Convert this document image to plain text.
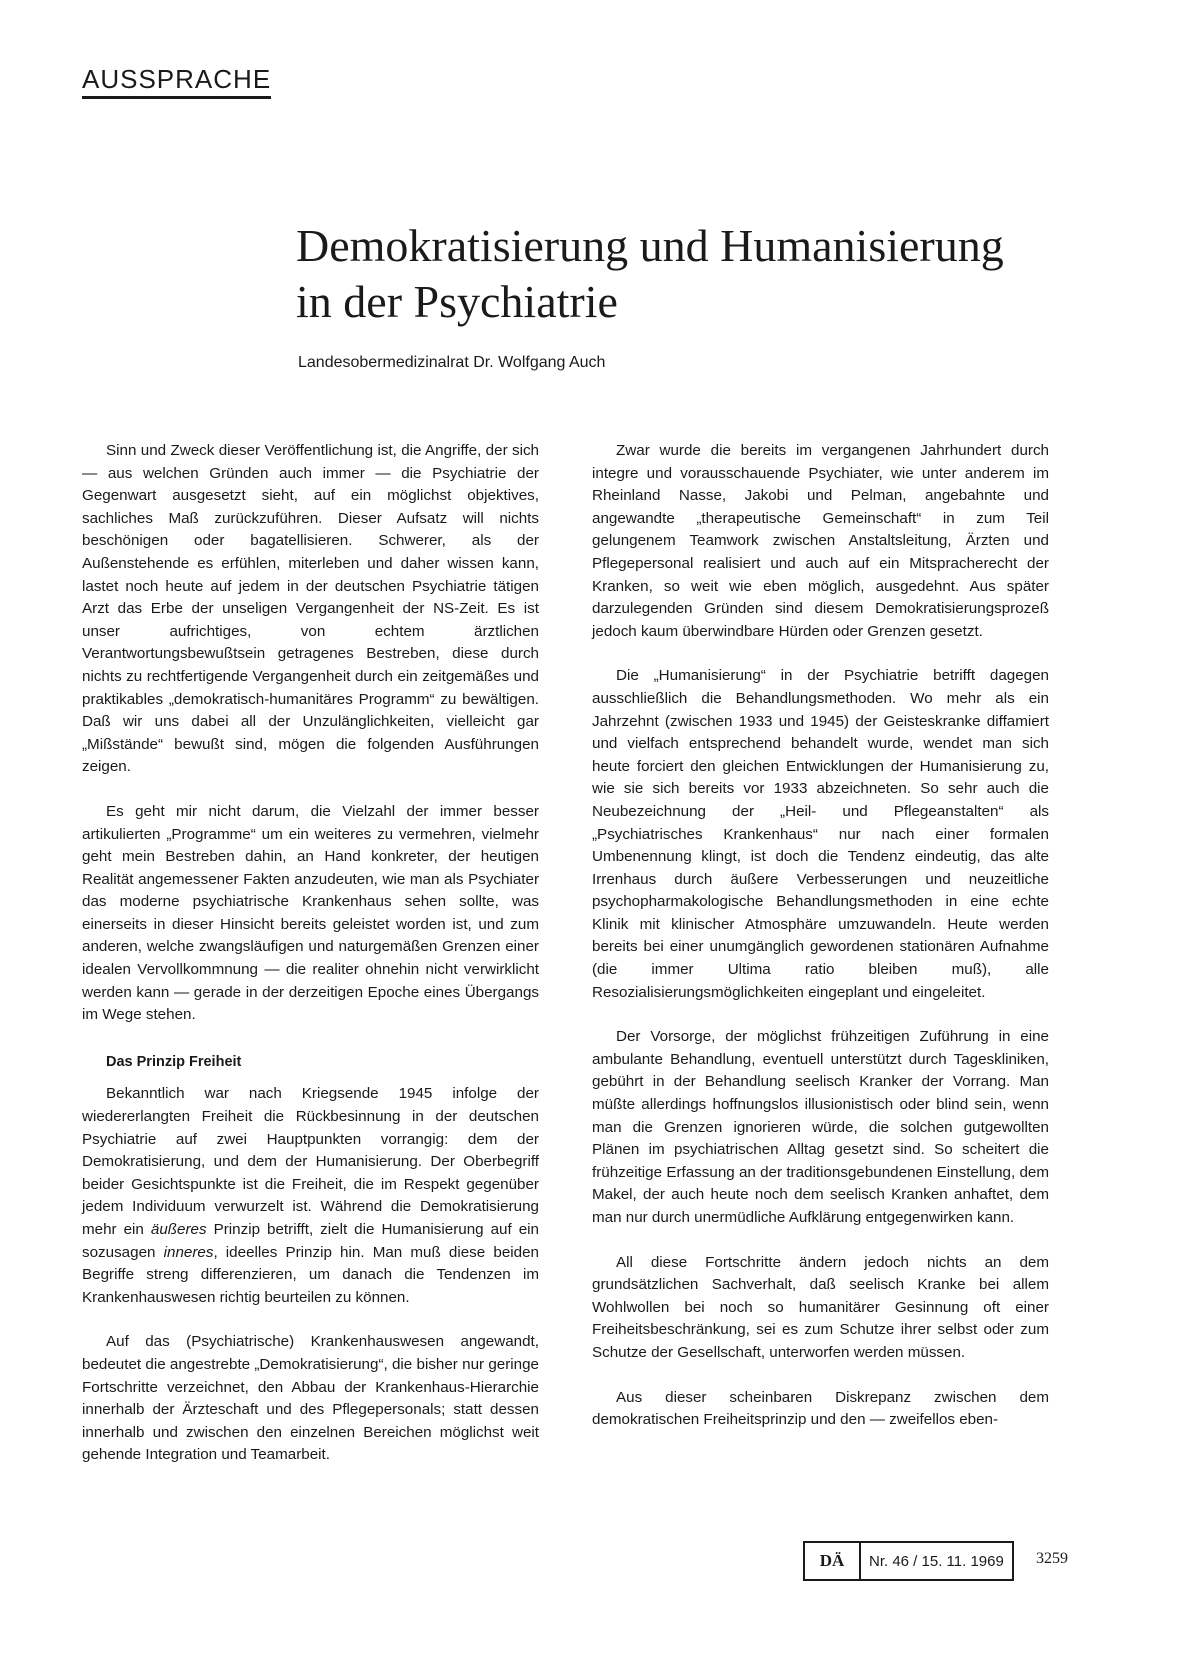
AUSSPRACHE
Demokratisierung und Humanisierung
in der Psychiatrie
Landesobermedizinalrat Dr. Wolfgang Auch

Sinn und Zweck dieser Veröffentlichung ist, die Angriffe, der sich — aus welchen Gründen auch immer — die Psychiatrie der Gegenwart ausgesetzt sieht, auf ein möglichst objektives, sachliches Maß zurückzuführen. Dieser Aufsatz will nichts beschönigen oder bagatellisieren. Schwerer, als der Außenstehende es erfühlen, miterleben und daher wissen kann, lastet noch heute auf jedem in der deutschen Psychiatrie tätigen Arzt das Erbe der unseligen Vergangenheit der NS-Zeit. Es ist unser aufrichtiges, von echtem ärztlichen Verantwortungsbewußtsein getragenes Bestreben, diese durch nichts zu rechtfertigende Vergangenheit durch ein zeitgemäßes und praktikables „demokratisch-humanitäres Programm“ zu bewältigen. Daß wir uns dabei all der Unzulänglichkeiten, vielleicht gar „Mißstände“ bewußt sind, mögen die folgenden Ausführungen zeigen.

Es geht mir nicht darum, die Vielzahl der immer besser artikulierten „Programme“ um ein weiteres zu vermehren, vielmehr geht mein Bestreben dahin, an Hand konkreter, der heutigen Realität angemessener Fakten anzudeuten, wie man als Psychiater das moderne psychiatrische Krankenhaus sehen sollte, was einerseits in dieser Hinsicht bereits geleistet worden ist, und zum anderen, welche zwangsläufigen und naturgemäßen Grenzen einer idealen Vervollkommnung — die realiter ohnehin nicht verwirklicht werden kann — gerade in der derzeitigen Epoche eines Übergangs im Wege stehen.

Das Prinzip Freiheit

Bekanntlich war nach Kriegsende 1945 infolge der wiedererlangten Freiheit die Rückbesinnung in der deutschen Psychiatrie auf zwei Hauptpunkten vorrangig: dem der Demokratisierung, und dem der Humanisierung. Der Oberbegriff beider Gesichtspunkte ist die Freiheit, die im Respekt gegenüber jedem Individuum verwurzelt ist. Während die Demokratisierung mehr ein äußeres Prinzip betrifft, zielt die Humanisierung auf ein sozusagen inneres, ideelles Prinzip hin. Man muß diese beiden Begriffe streng differenzieren, um danach die Tendenzen im Krankenhauswesen richtig beurteilen zu können.

Auf das (Psychiatrische) Krankenhauswesen angewandt, bedeutet die angestrebte „Demokratisierung“, die bisher nur geringe Fortschritte verzeichnet, den Abbau der Krankenhaus-Hierarchie innerhalb der Ärzteschaft und des Pflegepersonals; statt dessen innerhalb und zwischen den einzelnen Bereichen möglichst weit gehende Integration und Teamarbeit.

Zwar wurde die bereits im vergangenen Jahrhundert durch integre und vorausschauende Psychiater, wie unter anderem im Rheinland Nasse, Jakobi und Pelman, angebahnte und angewandte „therapeutische Gemeinschaft“ in zum Teil gelungenem Teamwork zwischen Anstaltsleitung, Ärzten und Pflegepersonal realisiert und auch auf ein Mitspracherecht der Kranken, so weit wie eben möglich, ausgedehnt. Aus später darzulegenden Gründen sind diesem Demokratisierungsprozeß jedoch kaum überwindbare Hürden oder Grenzen gesetzt.

Die „Humanisierung“ in der Psychiatrie betrifft dagegen ausschließlich die Behandlungsmethoden. Wo mehr als ein Jahrzehnt (zwischen 1933 und 1945) der Geisteskranke diffamiert und vielfach entsprechend behandelt wurde, wendet man sich heute forciert den gleichen Entwicklungen der Humanisierung zu, wie sie sich bereits vor 1933 abzeichneten. So sehr auch die Neubezeichnung der „Heil- und Pflegeanstalten“ als „Psychiatrisches Krankenhaus“ nur nach einer formalen Umbenennung klingt, ist doch die Tendenz eindeutig, das alte Irrenhaus durch äußere Verbesserungen und neuzeitliche psychopharmakologische Behandlungsmethoden in eine echte Klinik mit klinischer Atmosphäre umzuwandeln. Heute werden bereits bei einer unumgänglich gewordenen stationären Aufnahme (die immer Ultima ratio bleiben muß), alle Resozialisierungsmöglichkeiten eingeplant und eingeleitet.

Der Vorsorge, der möglichst frühzeitigen Zuführung in eine ambulante Behandlung, eventuell unterstützt durch Tageskliniken, gebührt in der Behandlung seelisch Kranker der Vorrang. Man müßte allerdings hoffnungslos illusionistisch oder blind sein, wenn man die Grenzen ignorieren würde, die solchen gutgewollten Plänen im psychiatrischen Alltag gesetzt sind. So scheitert die frühzeitige Erfassung an der traditionsgebundenen Einstellung, dem Makel, der auch heute noch dem seelisch Kranken anhaftet, dem man nur durch unermüdliche Aufklärung entgegenwirken kann.

All diese Fortschritte ändern jedoch nichts an dem grundsätzlichen Sachverhalt, daß seelisch Kranke bei allem Wohlwollen bei noch so humanitärer Gesinnung oft einer Freiheitsbeschränkung, sei es zum Schutze ihrer selbst oder zum Schutze der Gesellschaft, unterworfen werden müssen.

Aus dieser scheinbaren Diskrepanz zwischen dem demokratischen Freiheitsprinzip und den — zweifellos eben-

DÄ	Nr. 46 / 15. 11. 1969	3259
